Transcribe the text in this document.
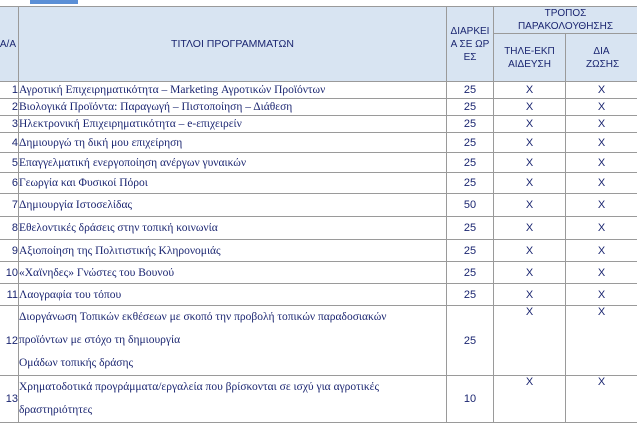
Α/Α	ΤΙΤΛΟΙ ΠΡΟΓΡΑΜΜΑΤΩΝ	ΔΙΑΡΚΕΙΑ ΣΕ ΩΡΕΣ	ΤΡΟΠΟΣ ΠΑΡΑΚΟΛΟΥΘΗΣΗΣ	
			ΤΗΛΕ-ΕΚΠΑΙΔΕΥΣΗ	ΔΙΑ ΖΩΣΗΣ
1	Αγροτική Επιχειρηματικότητα – Marketing Αγροτικών Προϊόντων	25	X	X
2	Βιολογικά Προϊόντα: Παραγωγή – Πιστοποίηση – Διάθεση	25	X	X
3	Ηλεκτρονική Επιχειρηματικότητα – e-επιχειρείν	25	X	X
4	Δημιουργώ τη δική μου επιχείρηση	25	X	X
5	Επαγγελματική ενεργοποίηση ανέργων γυναικών	25	X	X
6	Γεωργία και Φυσικοί Πόροι	25	X	X
7	Δημιουργία Ιστοσελίδας	50	X	X
8	Εθελοντικές δράσεις στην τοπική κοινωνία	25	X	X
9	Αξιοποίηση της Πολιτιστικής Κληρονομιάς	25	X	X
10	«Χαϊνηδες» Γνώστες του Βουνού	25	X	X
11	Λαογραφία του τόπου	25	X	X
12	Διοργάνωση Τοπικών εκθέσεων με σκοπό την προβολή τοπικών παραδοσιακών
προϊόντων με στόχο τη δημιουργία
Ομάδων τοπικής δράσης	25	X	X
13	Χρηματοδοτικά προγράμματα/εργαλεία που βρίσκονται σε ισχύ για αγροτικές
δραστηριότητες	10	X	X
